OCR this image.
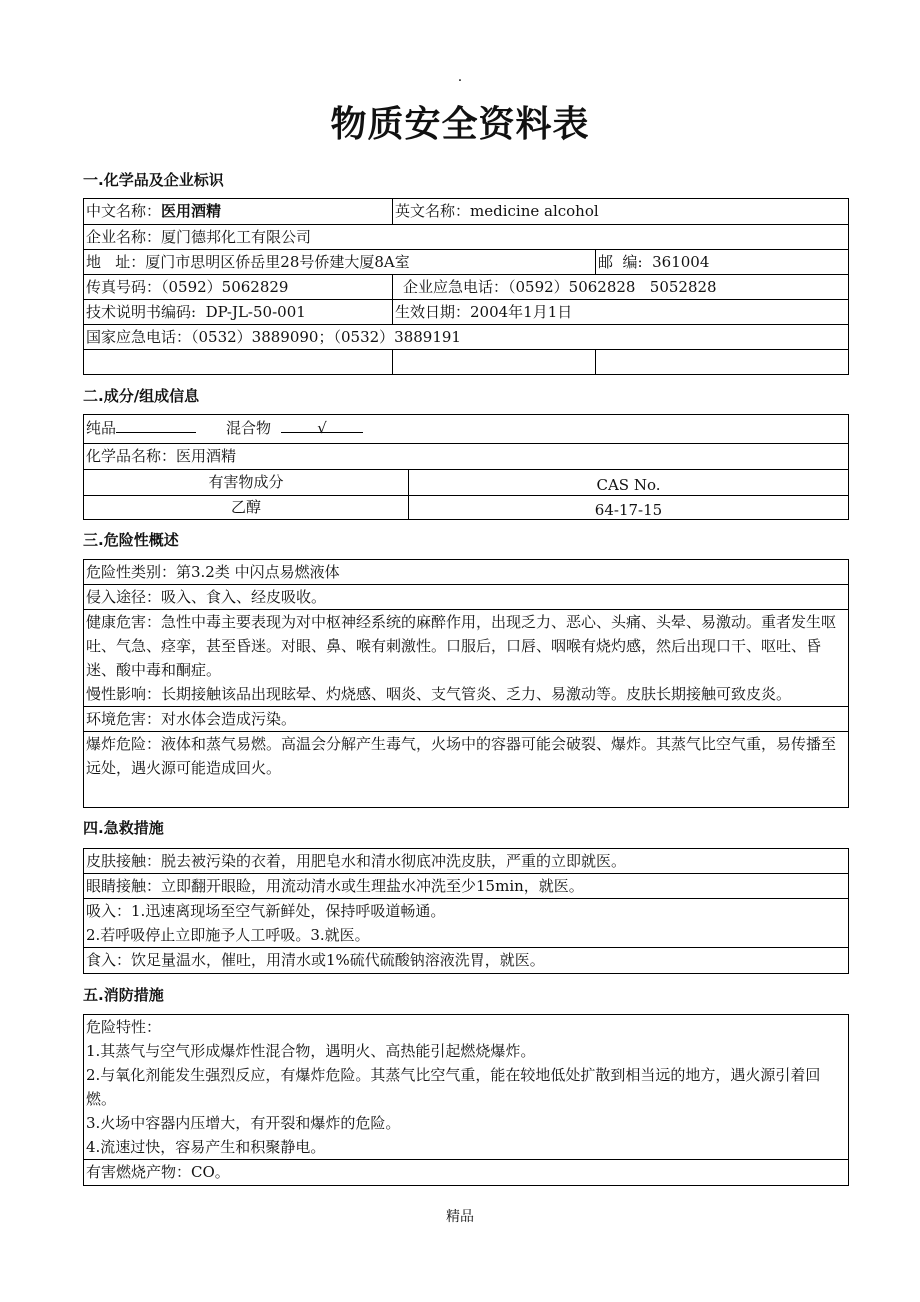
.
物质安全资料表
一.化学品及企业标识
中文名称：医用酒精	英文名称：medicine alcohol
企业名称：厦门德邦化工有限公司
地   址：厦门市思明区侨岳里28号侨建大厦8A室	邮  编:  361004
传真号码：（0592）5062829	企业应急电话：（0592）5062828   5052828
技术说明书编码:  DP-JL-50-001	生效日期：2004年1月1日
国家应急电话：（0532）3889090；（0532）3889191
二.成分/组成信息
纯品	混合物	√
化学品名称：医用酒精
有害物成分	CAS No.
乙醇	64-17-15
三.危险性概述
危险性类别：第3.2类 中闪点易燃液体
侵入途径：吸入、食入、经皮吸收。
健康危害：急性中毒主要表现为对中枢神经系统的麻醉作用，出现乏力、恶心、头痛、头晕、易激动。重者发生呕吐、气急、痉挛，甚至昏迷。对眼、鼻、喉有刺激性。口服后，口唇、咽喉有烧灼感，然后出现口干、呕吐、昏迷、酸中毒和酮症。
慢性影响：长期接触该品出现眩晕、灼烧感、咽炎、支气管炎、乏力、易激动等。皮肤长期接触可致皮炎。
环境危害：对水体会造成污染。
爆炸危险：液体和蒸气易燃。高温会分解产生毒气，火场中的容器可能会破裂、爆炸。其蒸气比空气重，易传播至远处，遇火源可能造成回火。
四.急救措施
皮肤接触：脱去被污染的衣着，用肥皂水和清水彻底冲洗皮肤，严重的立即就医。
眼睛接触：立即翻开眼睑，用流动清水或生理盐水冲洗至少15min，就医。
吸入：1.迅速离现场至空气新鲜处，保持呼吸道畅通。
2.若呼吸停止立即施予人工呼吸。3.就医。
食入：饮足量温水，催吐，用清水或1%硫代硫酸钠溶液洗胃，就医。
五.消防措施
危险特性：
1.其蒸气与空气形成爆炸性混合物，遇明火、高热能引起燃烧爆炸。
2.与氧化剂能发生强烈反应，有爆炸危险。其蒸气比空气重，能在较地低处扩散到相当远的地方，遇火源引着回燃。
3.火场中容器内压增大，有开裂和爆炸的危险。
4.流速过快，容易产生和积聚静电。
有害燃烧产物：CO。
精品
